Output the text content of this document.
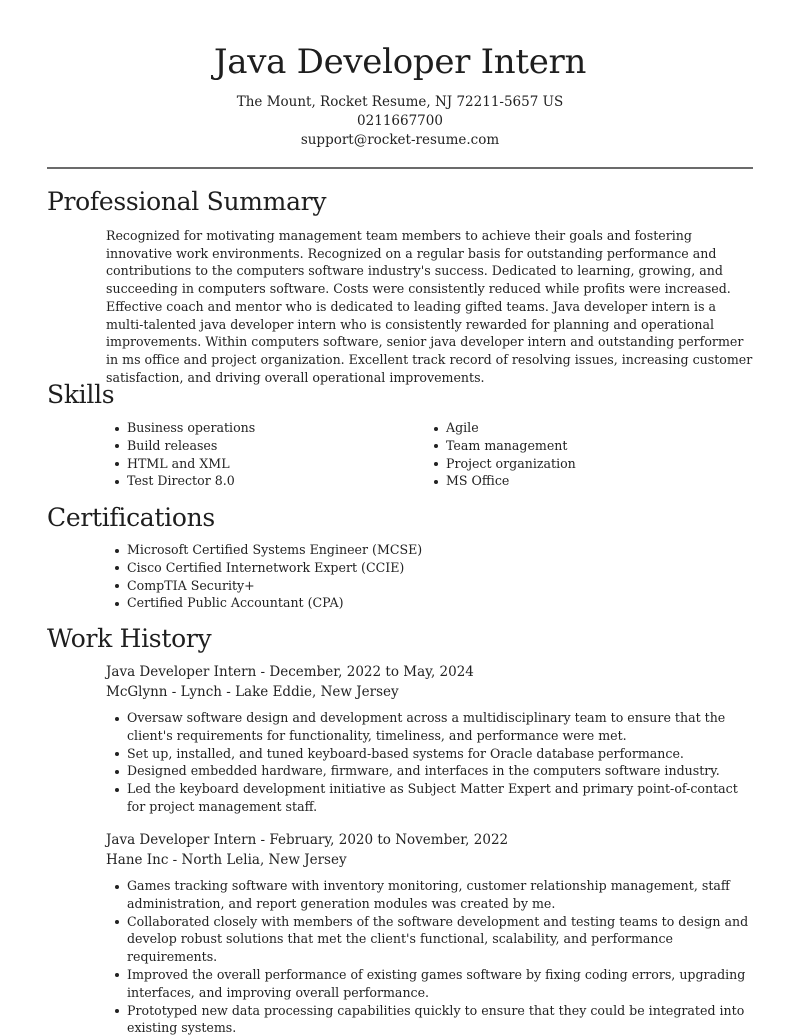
Java Developer Intern
The Mount, Rocket Resume, NJ 72211-5657 US
0211667700
support@rocket-resume.com
Professional Summary

Recognized for motivating management team members to achieve their goals and fostering innovative work environments. Recognized on a regular basis for outstanding performance and contributions to the computers software industry's success. Dedicated to learning, growing, and succeeding in computers software. Costs were consistently reduced while profits were increased. Effective coach and mentor who is dedicated to leading gifted teams. Java developer intern is a multi-talented java developer intern who is consistently rewarded for planning and operational improvements. Within computers software, senior java developer intern and outstanding performer in ms office and project organization. Excellent track record of resolving issues, increasing customer satisfaction, and driving overall operational improvements.

Skills
Business operations
Build releases
HTML and XML
Test Director 8.0
Agile
Team management
Project organization
MS Office
Certifications
Microsoft Certified Systems Engineer (MCSE)
Cisco Certified Internetwork Expert (CCIE)
CompTIA Security+
Certified Public Accountant (CPA)
Work History
Java Developer Intern - December, 2022 to May, 2024
McGlynn - Lynch - Lake Eddie, New Jersey
Oversaw software design and development across a multidisciplinary team to ensure that the client's requirements for functionality, timeliness, and performance were met.
Set up, installed, and tuned keyboard-based systems for Oracle database performance.
Designed embedded hardware, firmware, and interfaces in the computers software industry.
Led the keyboard development initiative as Subject Matter Expert and primary point-of-contact for project management staff.
Java Developer Intern - February, 2020 to November, 2022
Hane Inc - North Lelia, New Jersey
Games tracking software with inventory monitoring, customer relationship management, staff administration, and report generation modules was created by me.
Collaborated closely with members of the software development and testing teams to design and develop robust solutions that met the client's functional, scalability, and performance requirements.
Improved the overall performance of existing games software by fixing coding errors, upgrading interfaces, and improving overall performance.
Prototyped new data processing capabilities quickly to ensure that they could be integrated into existing systems.
